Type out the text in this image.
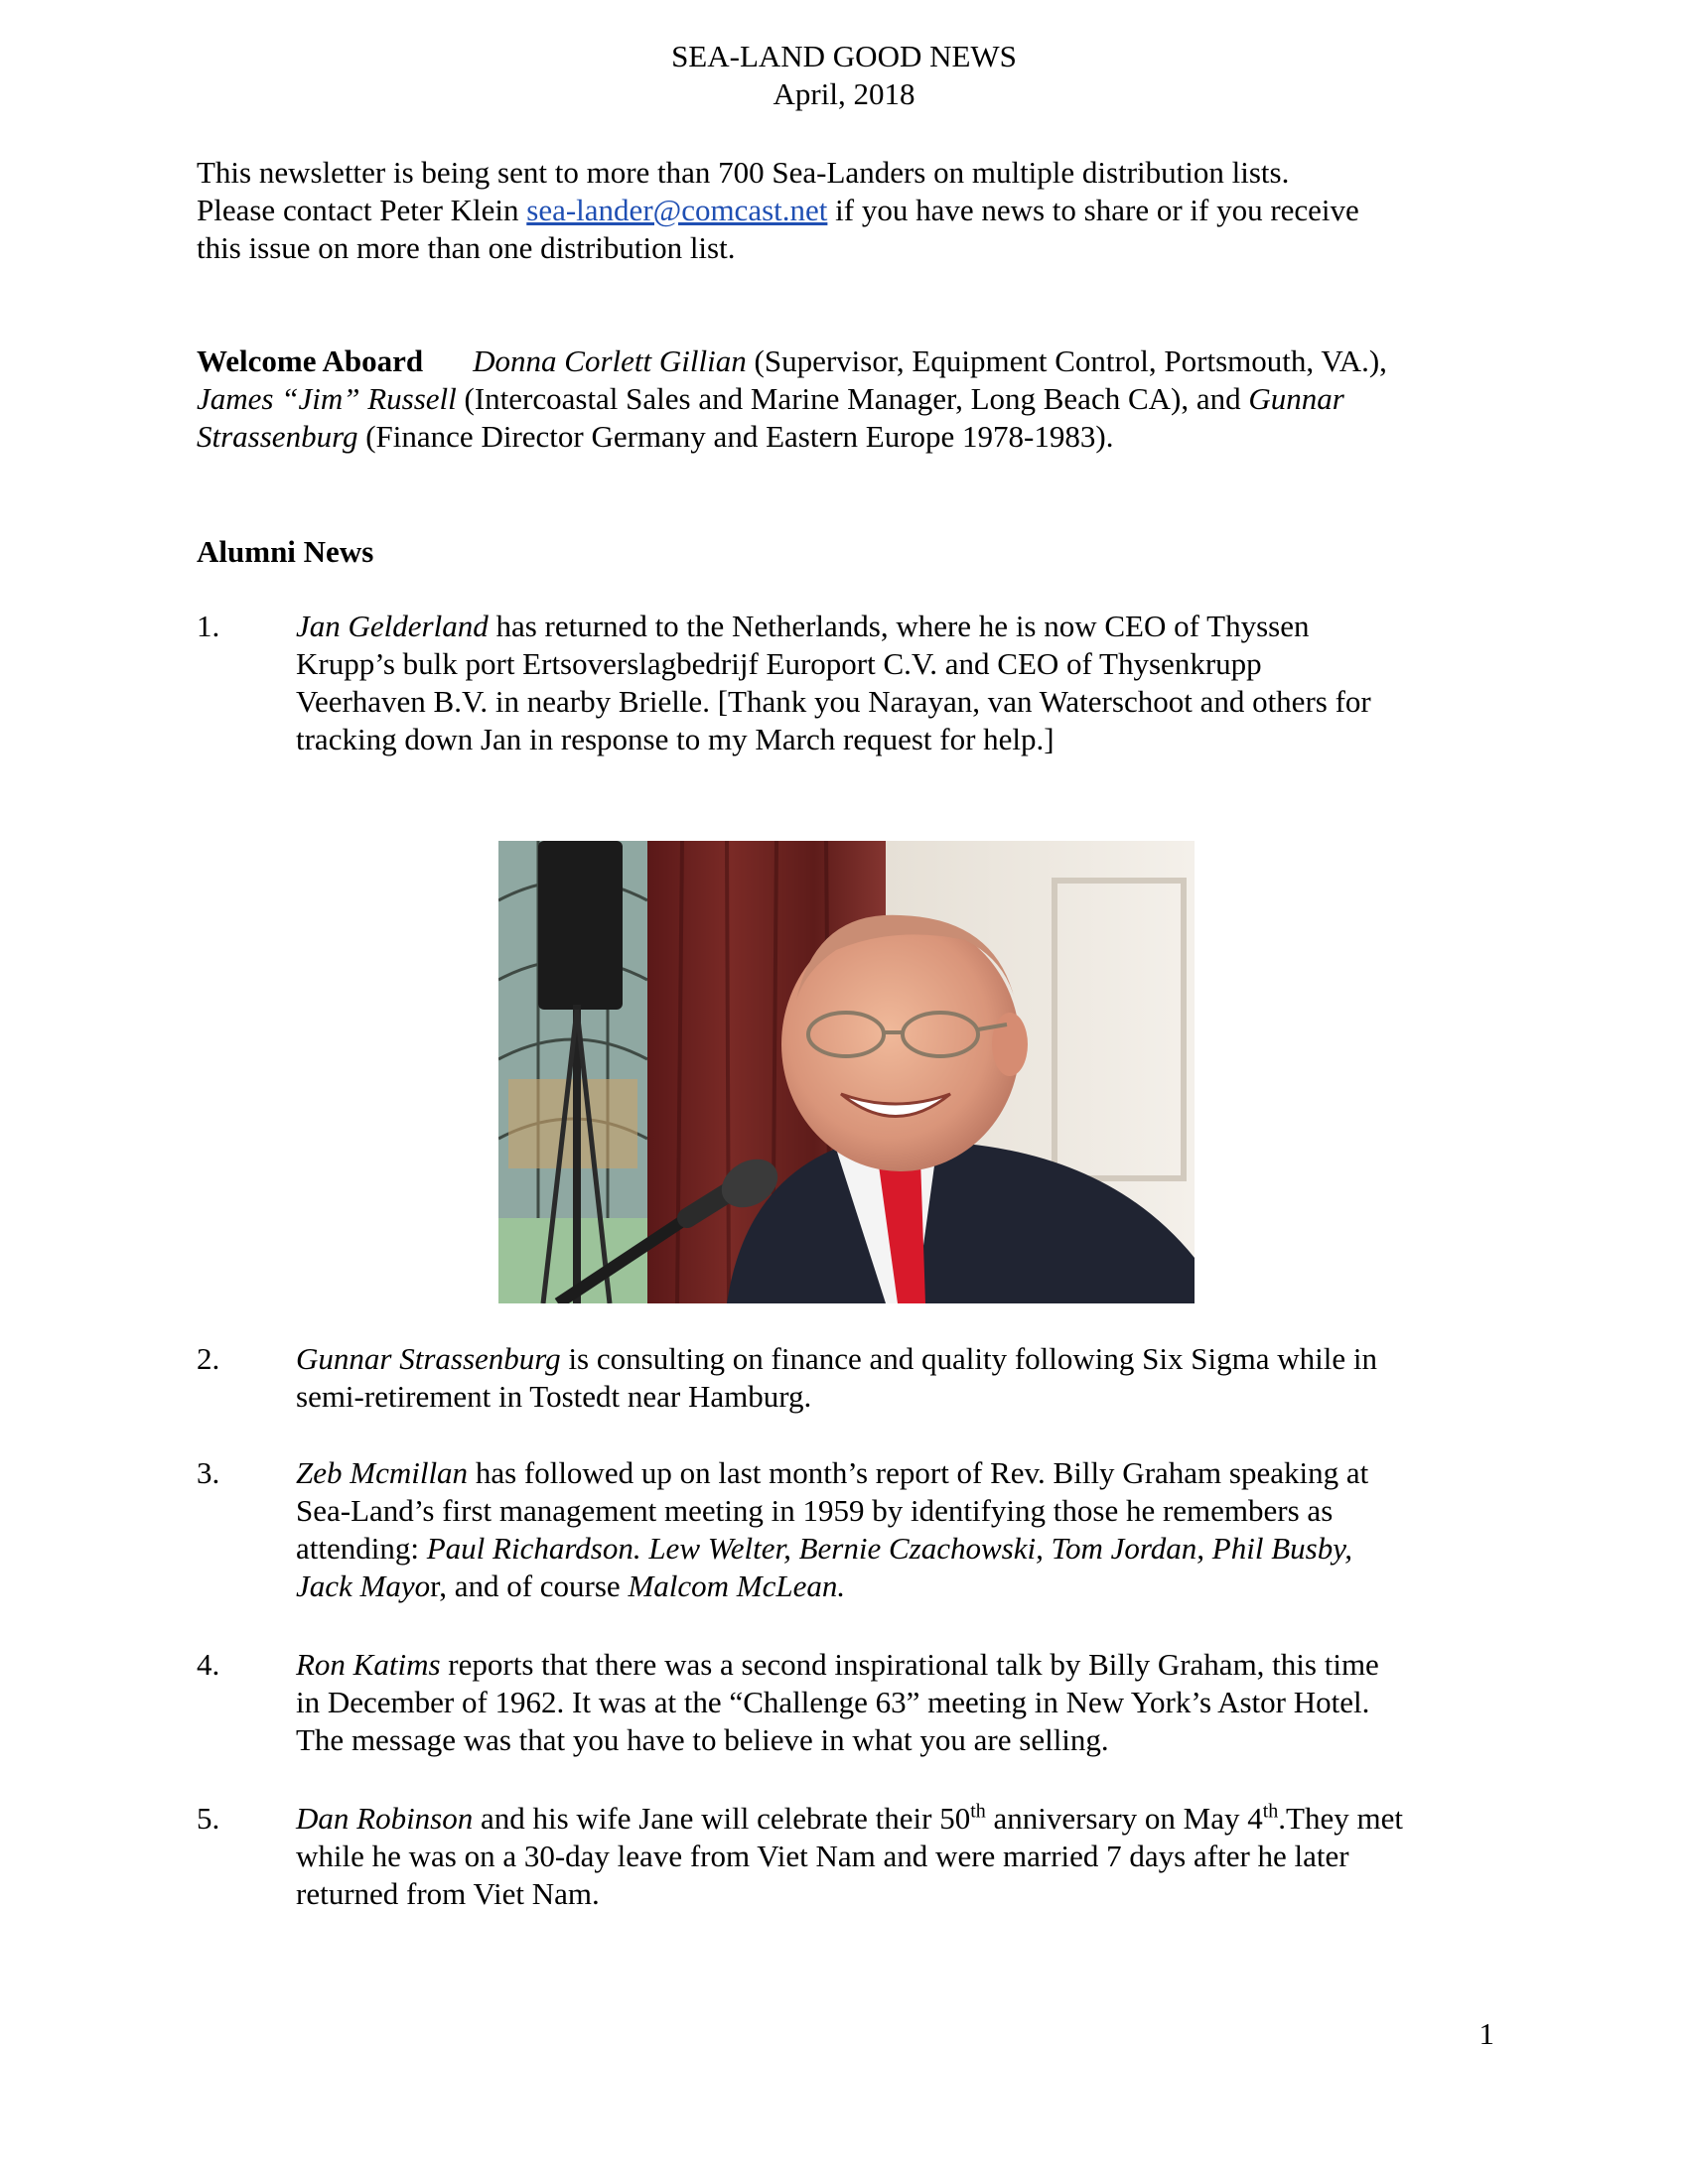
SEA-LAND GOOD NEWS
April, 2018
This newsletter is being sent to more than 700 Sea-Landers on multiple distribution lists.
Please contact Peter Klein sea-lander@comcast.net if you have news to share or if you receive
this issue on more than one distribution list.
Welcome Aboard Donna Corlett Gillian (Supervisor, Equipment Control, Portsmouth, VA.),
James “Jim” Russell (Intercoastal Sales and Marine Manager, Long Beach CA), and Gunnar
Strassenburg (Finance Director Germany and Eastern Europe 1978-1983).
Alumni News
1. Jan Gelderland has returned to the Netherlands, where he is now CEO of Thyssen
Krupp’s bulk port Ertsoverslagbedrijf Europort C.V. and CEO of Thysenkrupp
Veerhaven B.V. in nearby Brielle. [Thank you Narayan, van Waterschoot and others for
tracking down Jan in response to my March request for help.]
2. Gunnar Strassenburg is consulting on finance and quality following Six Sigma while in
semi-retirement in Tostedt near Hamburg.
3. Zeb Mcmillan has followed up on last month’s report of Rev. Billy Graham speaking at
Sea-Land’s first management meeting in 1959 by identifying those he remembers as
attending: Paul Richardson. Lew Welter, Bernie Czachowski, Tom Jordan, Phil Busby,
Jack Mayor, and of course Malcom McLean.
4. Ron Katims reports that there was a second inspirational talk by Billy Graham, this time
in December of 1962. It was at the “Challenge 63” meeting in New York’s Astor Hotel.
The message was that you have to believe in what you are selling.
5. Dan Robinson and his wife Jane will celebrate their 50th anniversary on May 4th.They met
while he was on a 30-day leave from Viet Nam and were married 7 days after he later
returned from Viet Nam.
1
